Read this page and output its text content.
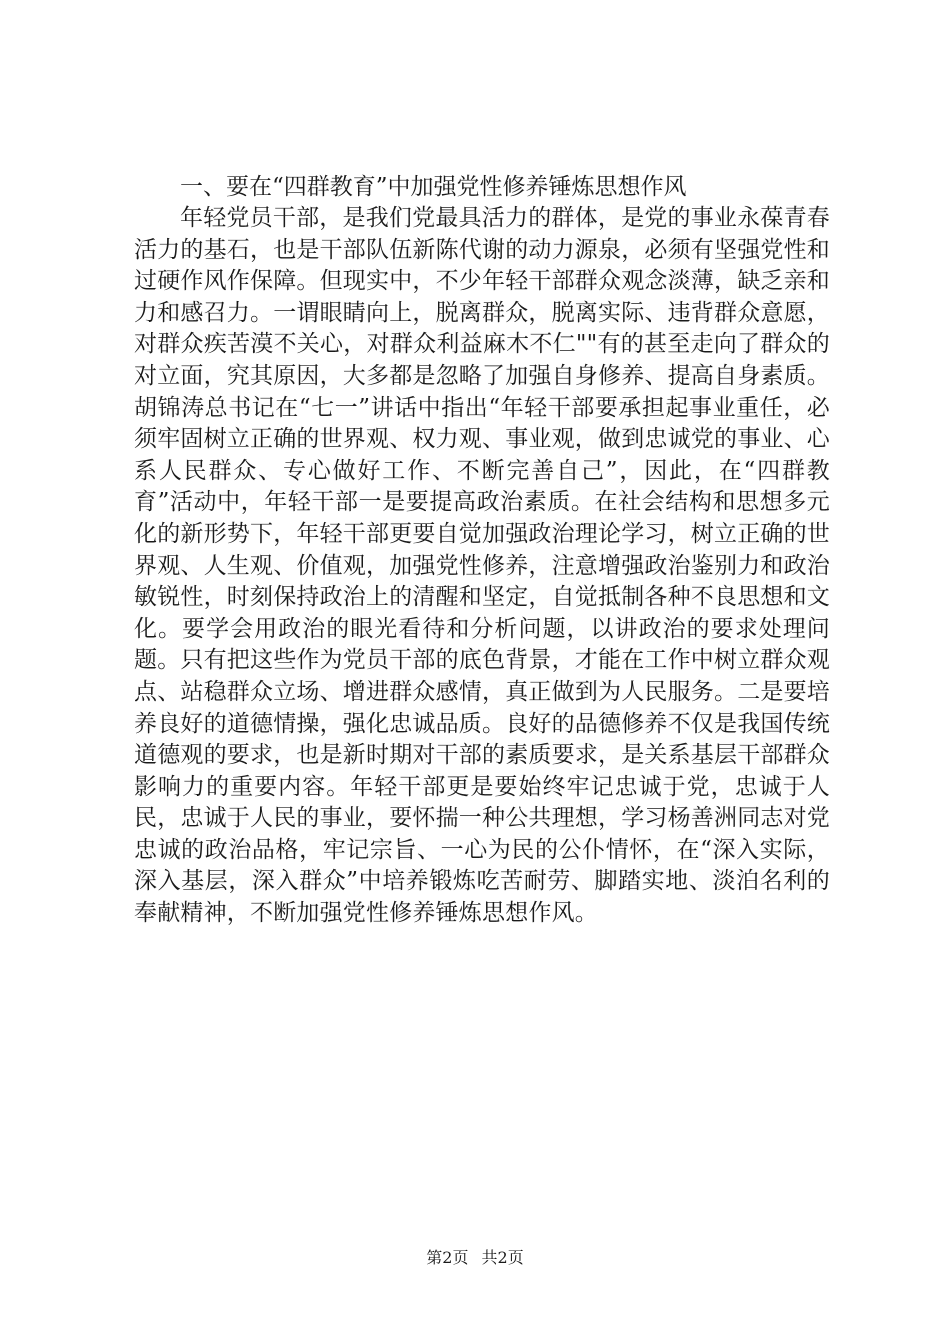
一、要在“四群教育”中加强党性修养锤炼思想作风

年轻党员干部，是我们党最具活力的群体，是党的事业永葆青春活力的基石，也是干部队伍新陈代谢的动力源泉，必须有坚强党性和过硬作风作保障。但现实中，不少年轻干部群众观念淡薄，缺乏亲和力和感召力。一谓眼睛向上，脱离群众，脱离实际、违背群众意愿，对群众疾苦漠不关心，对群众利益麻木不仁""有的甚至走向了群众的对立面，究其原因，大多都是忽略了加强自身修养、提高自身素质。胡锦涛总书记在“七一”讲话中指出“年轻干部要承担起事业重任，必须牢固树立正确的世界观、权力观、事业观，做到忠诚党的事业、心系人民群众、专心做好工作、不断完善自己”，因此，在“四群教育”活动中，年轻干部一是要提高政治素质。在社会结构和思想多元化的新形势下，年轻干部更要自觉加强政治理论学习，树立正确的世界观、人生观、价值观，加强党性修养，注意增强政治鉴别力和政治敏锐性，时刻保持政治上的清醒和坚定，自觉抵制各种不良思想和文化。要学会用政治的眼光看待和分析问题，以讲政治的要求处理问题。只有把这些作为党员干部的底色背景，才能在工作中树立群众观点、站稳群众立场、增进群众感情，真正做到为人民服务。二是要培养良好的道德情操，强化忠诚品质。良好的品德修养不仅是我国传统道德观的要求，也是新时期对干部的素质要求，是关系基层干部群众影响力的重要内容。年轻干部更是要始终牢记忠诚于党，忠诚于人民，忠诚于人民的事业，要怀揣一种公共理想，学习杨善洲同志对党忠诚的政治品格，牢记宗旨、一心为民的公仆情怀，在“深入实际，深入基层，深入群众”中培养锻炼吃苦耐劳、脚踏实地、淡泊名利的奉献精神，不断加强党性修养锤炼思想作风。

第2页 共2页
